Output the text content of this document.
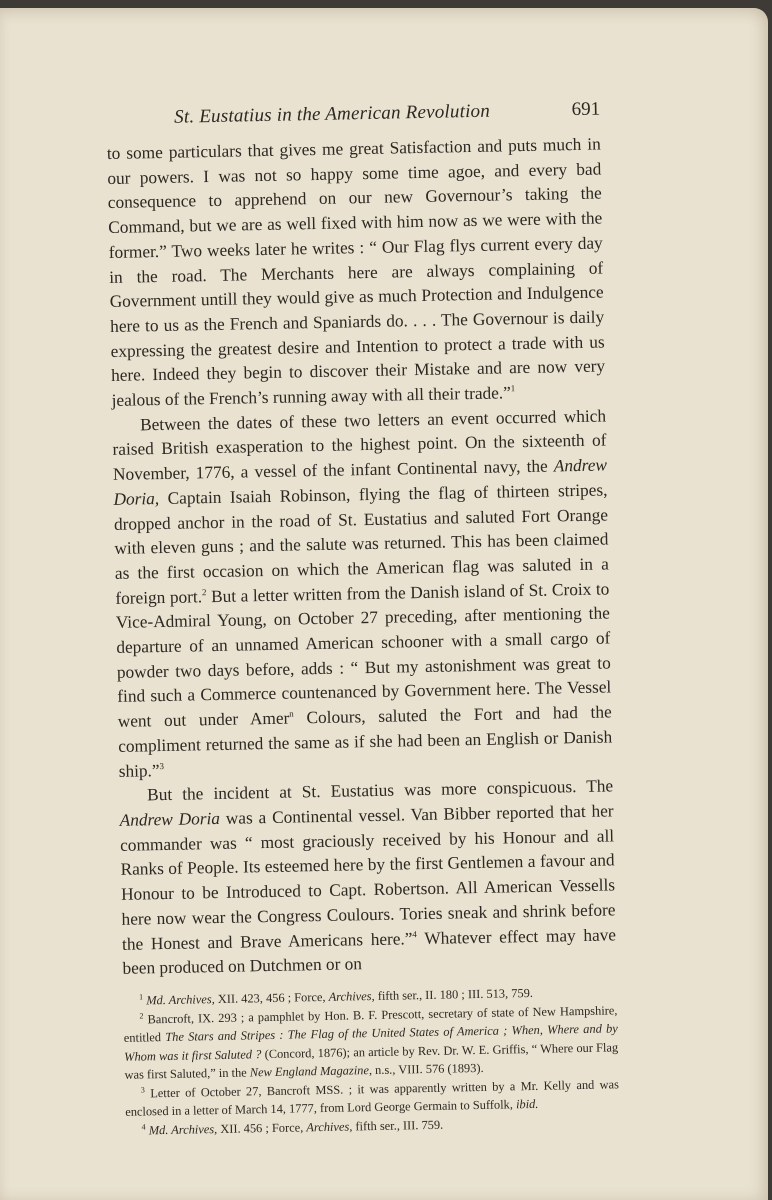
St. Eustatius in the American Revolution	691

to some particulars that gives me great Satisfaction and puts much in our powers. I was not so happy some time agoe, and every bad consequence to apprehend on our new Governour’s taking the Command, but we are as well fixed with him now as we were with the former.” Two weeks later he writes : “ Our Flag flys current every day in the road. The Merchants here are always complaining of Government untill they would give as much Protection and Indulgence here to us as the French and Spaniards do. . . . The Governour is daily expressing the greatest desire and Intention to protect a trade with us here. Indeed they begin to discover their Mistake and are now very jealous of the French’s running away with all their trade.”$^1$

Between the dates of these two letters an event occurred which raised British exasperation to the highest point. On the sixteenth of November, 1776, a vessel of the infant Continental navy, the Andrew Doria, Captain Isaiah Robinson, flying the flag of thirteen stripes, dropped anchor in the road of St. Eustatius and saluted Fort Orange with eleven guns ; and the salute was returned. This has been claimed as the first occasion on which the American flag was saluted in a foreign port.$^2$ But a letter written from the Danish island of St. Croix to Vice-Admiral Young, on October 27 preceding, after mentioning the departure of an unnamed American schooner with a small cargo of powder two days before, adds : “ But my astonishment was great to find such a Commerce countenanced by Government here. The Vessel went out under Amer$^n$ Colours, saluted the Fort and had the compliment returned the same as if she had been an English or Danish ship.”$^3$

But the incident at St. Eustatius was more conspicuous. The Andrew Doria was a Continental vessel. Van Bibber reported that her commander was “ most graciously received by his Honour and all Ranks of People. Its esteemed here by the first Gentlemen a favour and Honour to be Introduced to Capt. Robertson. All American Vessells here now wear the Congress Coulours. Tories sneak and shrink before the Honest and Brave Americans here.”$^4$ Whatever effect may have been produced on Dutchmen or on

$^1$ Md. Archives, XII. 423, 456 ; Force, Archives, fifth ser., II. 180 ; III. 513, 759.

$^2$ Bancroft, IX. 293 ; a pamphlet by Hon. B. F. Prescott, secretary of state of New Hampshire, entitled The Stars and Stripes : The Flag of the United States of America ; When, Where and by Whom was it first Saluted ? (Concord, 1876); an article by Rev. Dr. W. E. Griffis, “ Where our Flag was first Saluted,” in the New England Magazine, n.s., VIII. 576 (1893).

$^3$ Letter of October 27, Bancroft MSS. ; it was apparently written by a Mr. Kelly and was enclosed in a letter of March 14, 1777, from Lord George Germain to Suffolk, ibid.

$^4$ Md. Archives, XII. 456 ; Force, Archives, fifth ser., III. 759.
